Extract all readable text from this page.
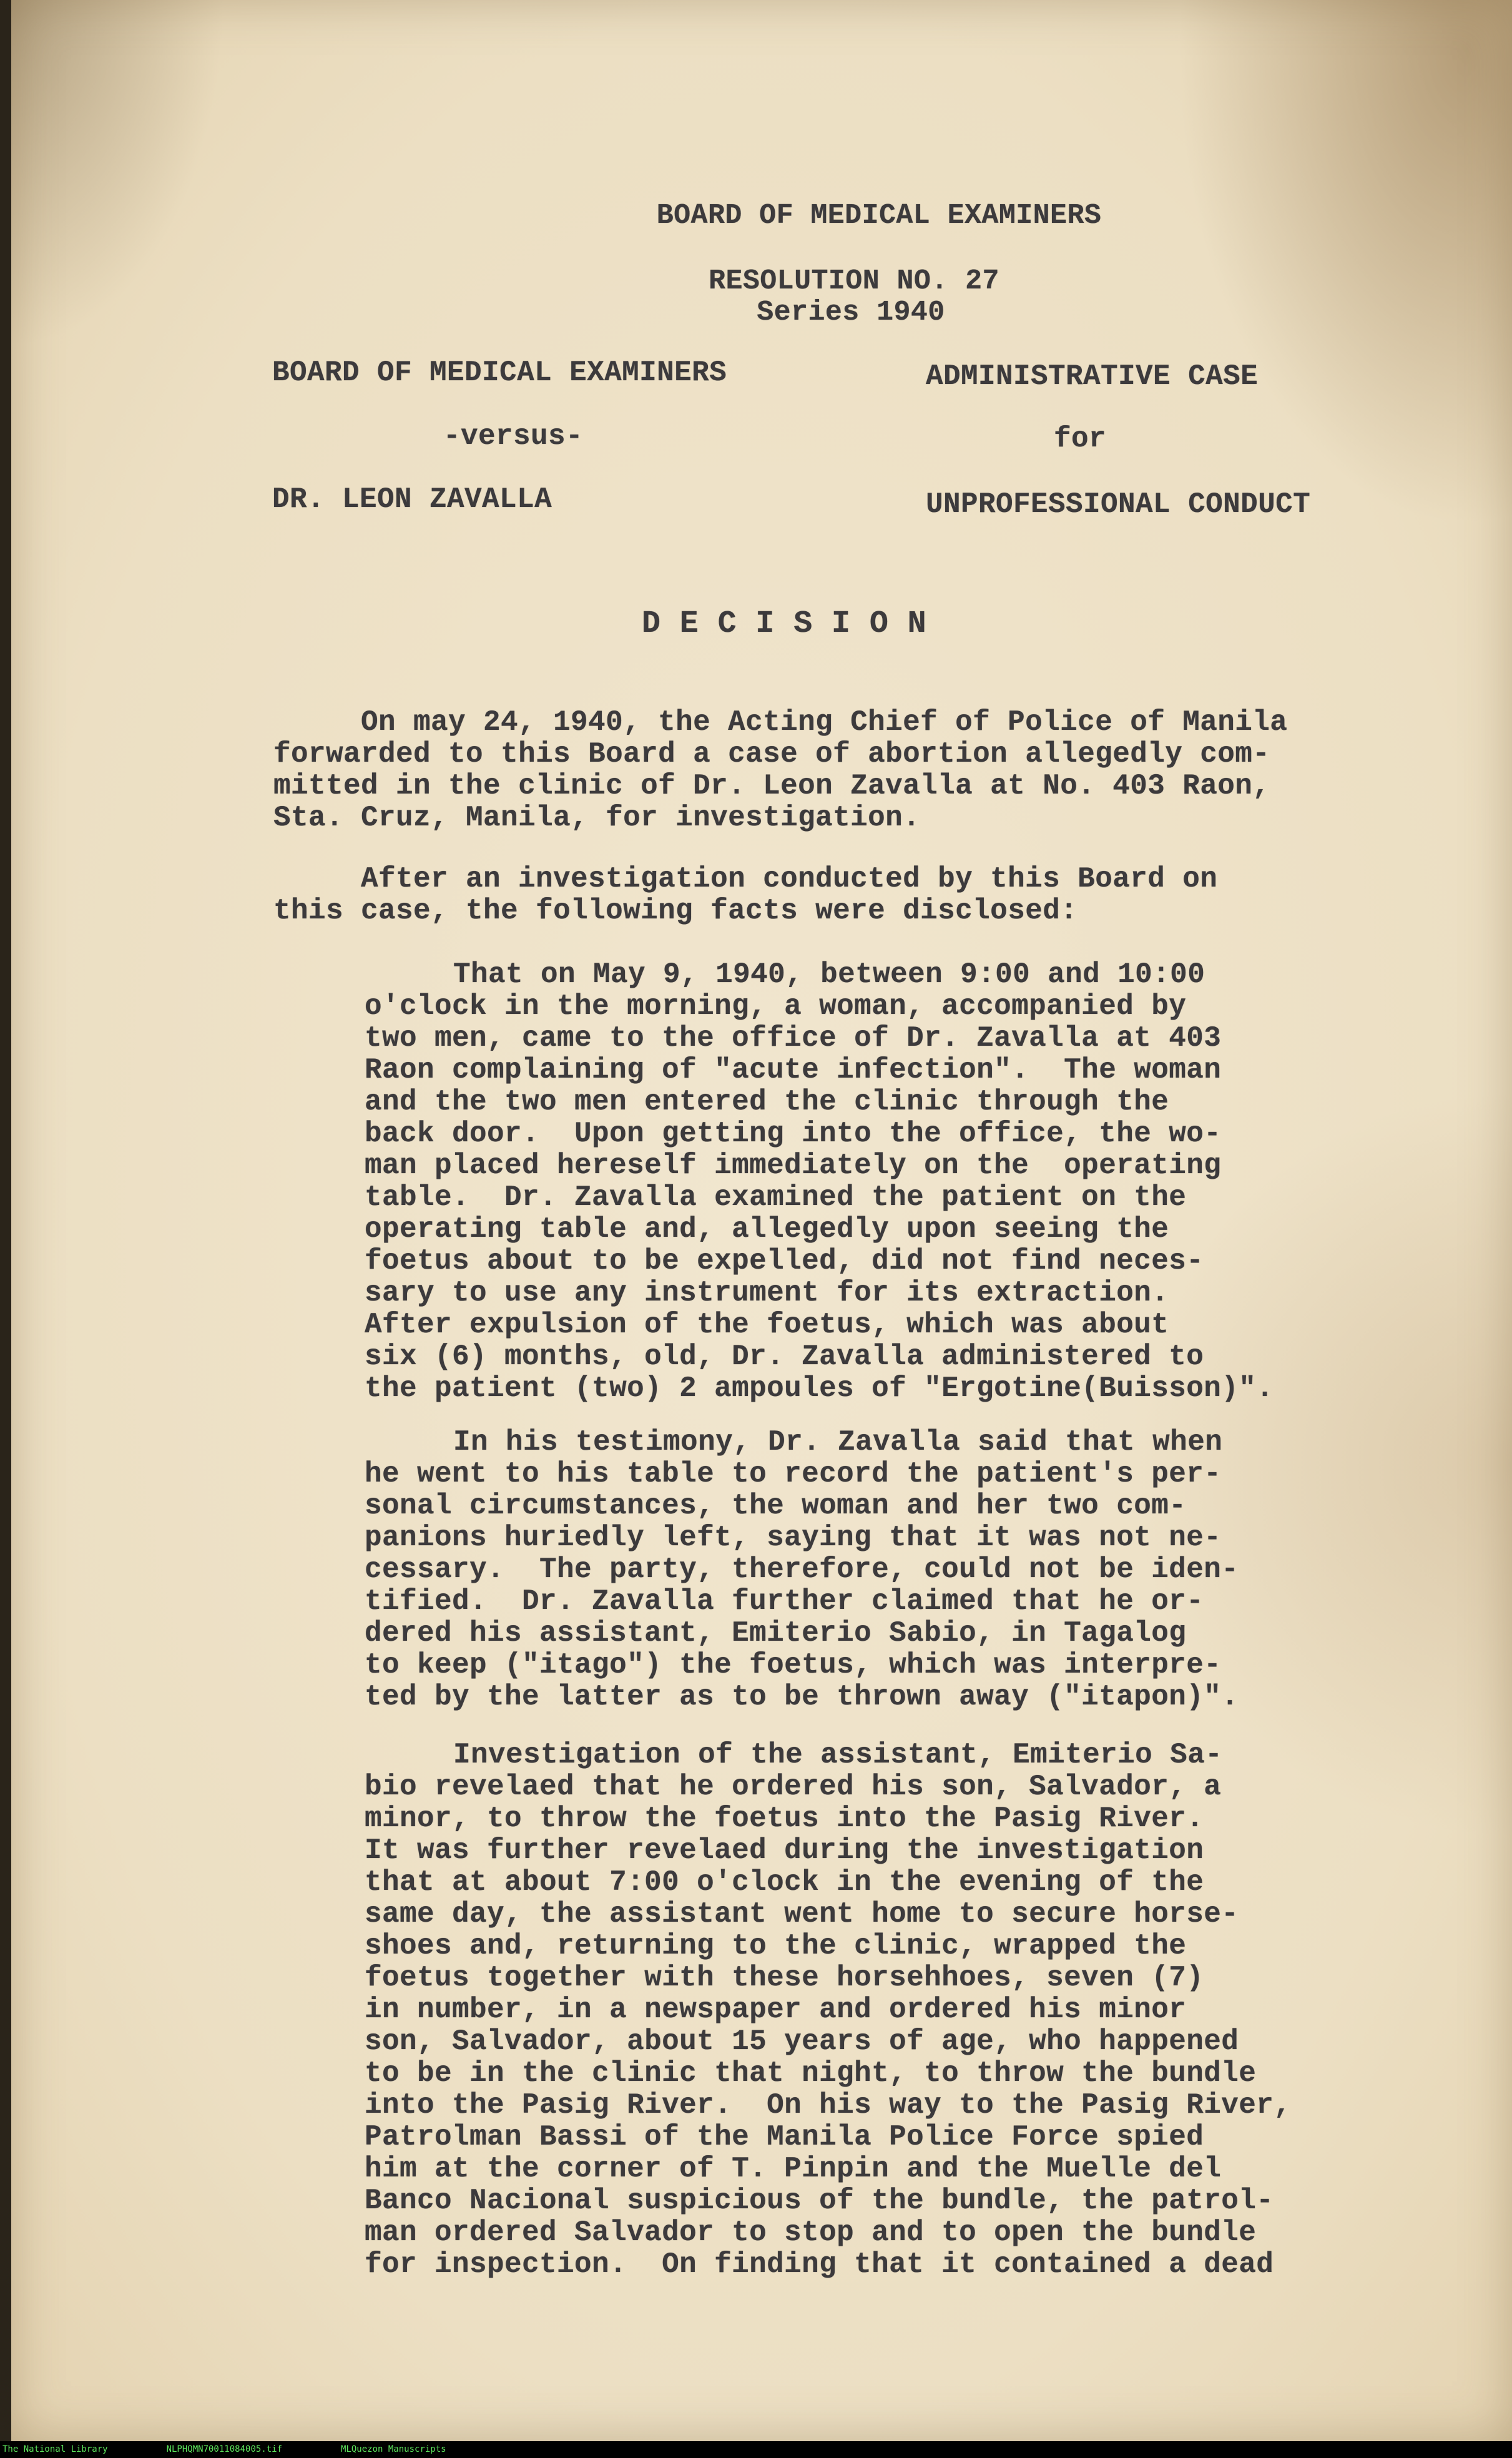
BOARD OF MEDICAL EXAMINERS

RESOLUTION NO. 27

Series 1940

BOARD OF MEDICAL EXAMINERS	ADMINISTRATIVE CASE

-versus-	for

DR. LEON ZAVALLA	UNPROFESSIONAL CONDUCT

D E C I S I O N

On may 24, 1940, the Acting Chief of Police of Manila

forwarded to this Board a case of abortion allegedly com-

mitted in the clinic of Dr. Leon Zavalla at No. 403 Raon,

Sta. Cruz, Manila, for investigation.

After an investigation conducted by this Board on

this case, the following facts were disclosed:

That on May 9, 1940, between 9:00 and 10:00

o'clock in the morning, a woman, accompanied by

two men, came to the office of Dr. Zavalla at 403

Raon complaining of "acute infection".  The woman

and the two men entered the clinic through the

back door.  Upon getting into the office, the wo-

man placed hereself immediately on the  operating

table.  Dr. Zavalla examined the patient on the

operating table and, allegedly upon seeing the

foetus about to be expelled, did not find neces-

sary to use any instrument for its extraction.

After expulsion of the foetus, which was about

six (6) months, old, Dr. Zavalla administered to

the patient (two) 2 ampoules of "Ergotine(Buisson)".

In his testimony, Dr. Zavalla said that when

he went to his table to record the patient's per-

sonal circumstances, the woman and her two com-

panions huriedly left, saying that it was not ne-

cessary.  The party, therefore, could not be iden-

tified.  Dr. Zavalla further claimed that he or-

dered his assistant, Emiterio Sabio, in Tagalog

to keep ("itago") the foetus, which was interpre-

ted by the latter as to be thrown away ("itapon)".

Investigation of the assistant, Emiterio Sa-

bio revelaed that he ordered his son, Salvador, a

minor, to throw the foetus into the Pasig River.

It was further revelaed during the investigation

that at about 7:00 o'clock in the evening of the

same day, the assistant went home to secure horse-

shoes and, returning to the clinic, wrapped the

foetus together with these horsehhoes, seven (7)

in number, in a newspaper and ordered his minor

son, Salvador, about 15 years of age, who happened

to be in the clinic that night, to throw the bundle

into the Pasig River.  On his way to the Pasig River,

Patrolman Bassi of the Manila Police Force spied

him at the corner of T. Pinpin and the Muelle del

Banco Nacional suspicious of the bundle, the patrol-

man ordered Salvador to stop and to open the bundle

for inspection.  On finding that it contained a dead

The National Library	NLPHQMN70011084005.tif	MLQuezon Manuscripts
